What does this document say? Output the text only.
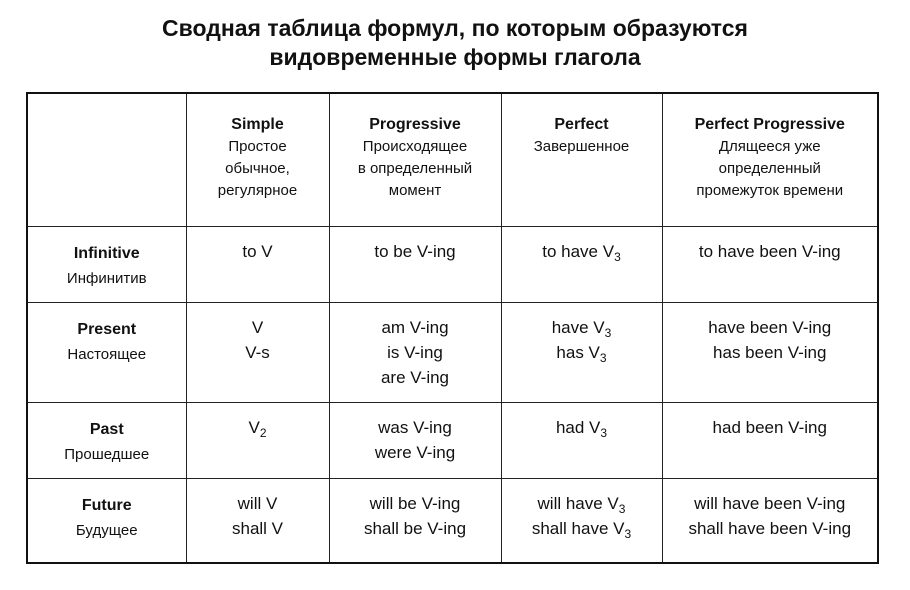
Сводная таблица формул, по которым образуются
видовременные формы глагола

	Simple
Простое
обычное,
регулярное	Progressive
Происходящее
в определенный
момент	Perfect
Завершенное	Perfect Progressive
Длящееся уже
определенный
промежуток времени

Infinitive
Инфинитив	to V	to be V-ing	to have $V_3$	to have been V-ing

Present
Настоящее	V
V-s	am V-ing
is V-ing
are V-ing	have $V_3$
has $V_3$	have been V-ing
has been V-ing

Past
Прошедшее	$V_2$	was V-ing
were V-ing	had $V_3$	had been V-ing

Future
Будущее	will V
shall V	will be V-ing
shall be V-ing	will have $V_3$
shall have $V_3$	will have been V-ing
shall have been V-ing
